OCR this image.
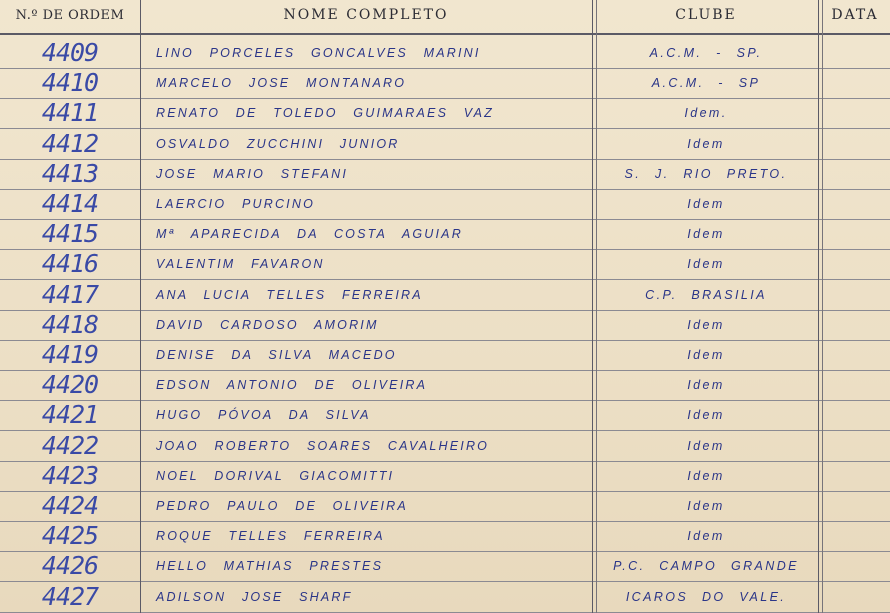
N.º DE ORDEM	NOME COMPLETO	CLUBE	DATA
4409	LINO PORCELES GONCALVES MARINI	A.C.M. - SP.
4410	MARCELO JOSE MONTANARO	A.C.M. - SP
4411	RENATO DE TOLEDO GUIMARAES VAZ	Idem.
4412	OSVALDO ZUCCHINI JUNIOR	Idem
4413	JOSE MARIO STEFANI	S. J. RIO PRETO.
4414	LAERCIO PURCINO	Idem
4415	Mª APARECIDA DA COSTA AGUIAR	Idem
4416	VALENTIM FAVARON	Idem
4417	ANA LUCIA TELLES FERREIRA	C.P. BRASILIA
4418	DAVID CARDOSO AMORIM	Idem
4419	DENISE DA SILVA MACEDO	Idem
4420	EDSON ANTONIO DE OLIVEIRA	Idem
4421	HUGO PÓVOA DA SILVA	Idem
4422	JOAO ROBERTO SOARES CAVALHEIRO	Idem
4423	NOEL DORIVAL GIACOMITTI	Idem
4424	PEDRO PAULO DE OLIVEIRA	Idem
4425	ROQUE TELLES FERREIRA	Idem
4426	HELLO MATHIAS PRESTES	P.C. CAMPO GRANDE
4427	ADILSON JOSE SHARF	ICAROS DO VALE.
